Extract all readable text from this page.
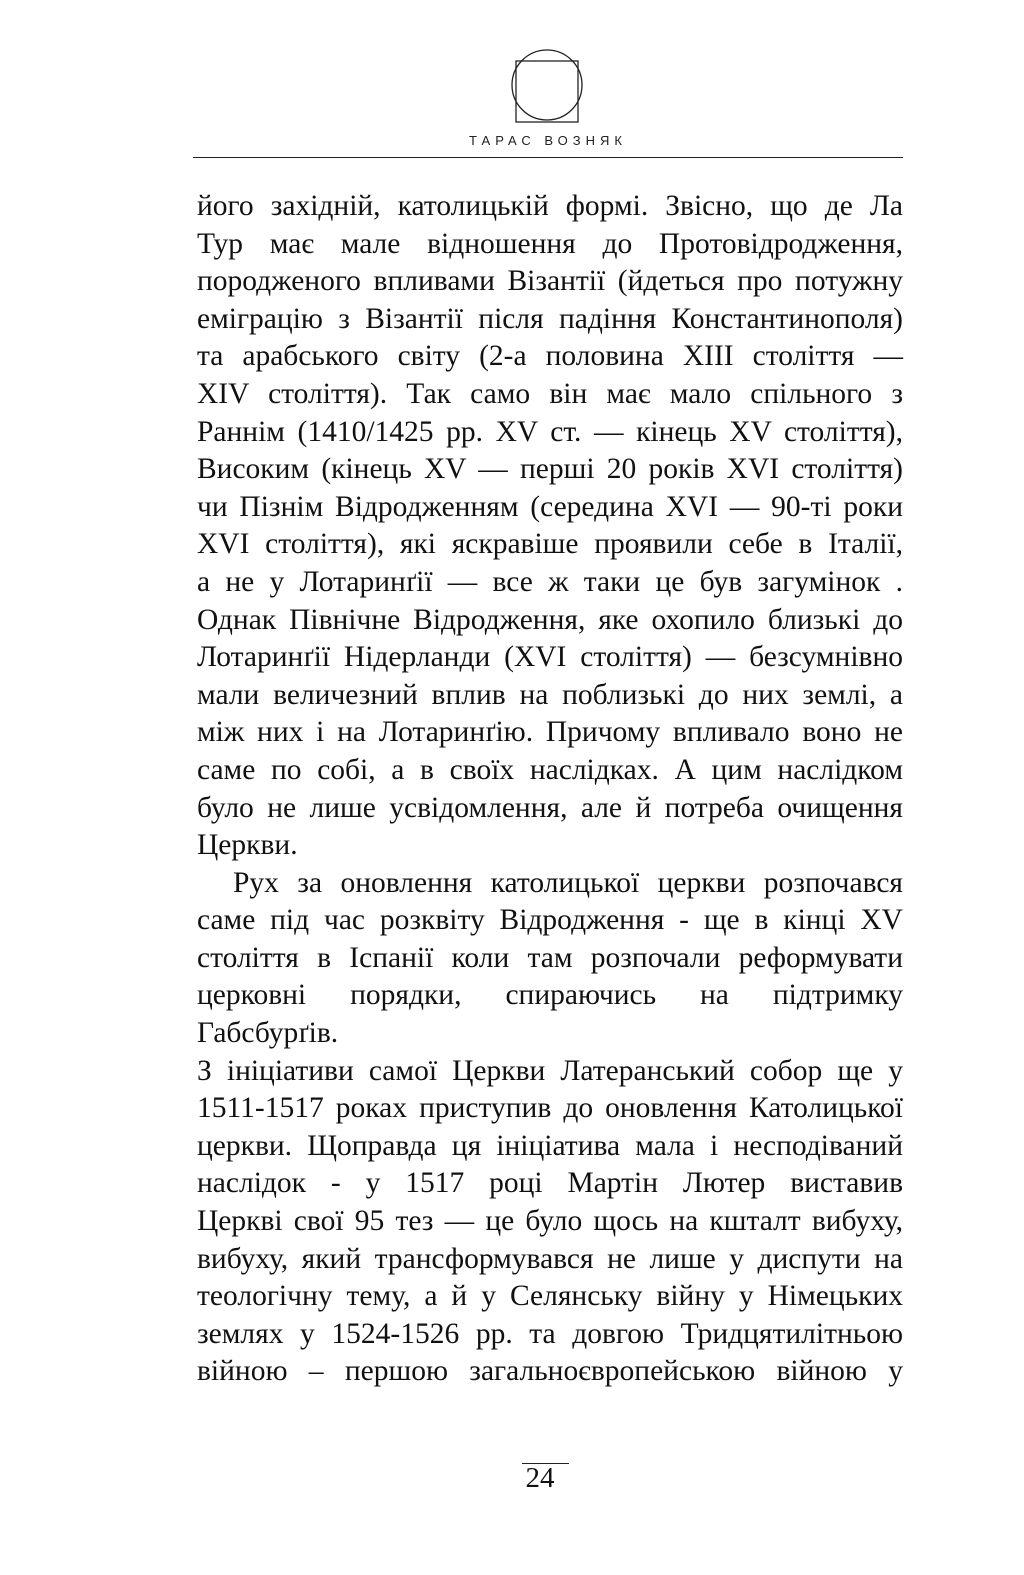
ТАРАС ВОЗНЯК

його західній, католицькій формі. Звісно, що де Ла

Тур має мале відношення до Протовідродження,

породженого впливами Візантії (йдеться про потужну

еміграцію з Візантії після падіння Константинополя)

та арабського світу (2-а половина XIII століття —

XIV століття). Так само він має мало спільного з

Раннім (1410/1425 рр. XV ст. — кінець XV століття),

Високим (кінець XV — перші 20 років XVI століття)

чи Пізнім Відродженням (середина XVI — 90-ті роки

XVI століття), які яскравіше проявили себе в Італії,

а не у Лотаринґії — все ж таки це був загумінок .

Однак Північне Відродження, яке охопило близькі до

Лотаринґії Нідерланди (XVI століття) — безсумнівно

мали величезний вплив на поблизькі до них землі, а

між них і на Лотаринґію. Причому впливало воно не

саме по собі, а в своїх наслідках. А цим наслідком

було не лише усвідомлення, але й потреба очищення

Церкви.

Рух за оновлення католицької церкви розпочався

саме під час розквіту Відродження - ще в кінці XV

століття в Іспанії коли там розпочали реформувати

церковні порядки, спираючись на підтримку Габсбурґів.

З ініціативи самої Церкви Латеранський собор ще у

1511-1517 роках приступив до оновлення Католицької

церкви. Щоправда ця ініціатива мала і несподіваний

наслідок - у 1517 році Мартін Лютер виставив

Церкві свої 95 тез — це було щось на кшталт вибуху,

вибуху, який трансформувався не лише у диспути на

теологічну тему, а й у Селянську війну у Німецьких

землях у 1524-1526 рр. та довгою Тридцятилітньою

війною – першою загальноєвропейською війною у

24
